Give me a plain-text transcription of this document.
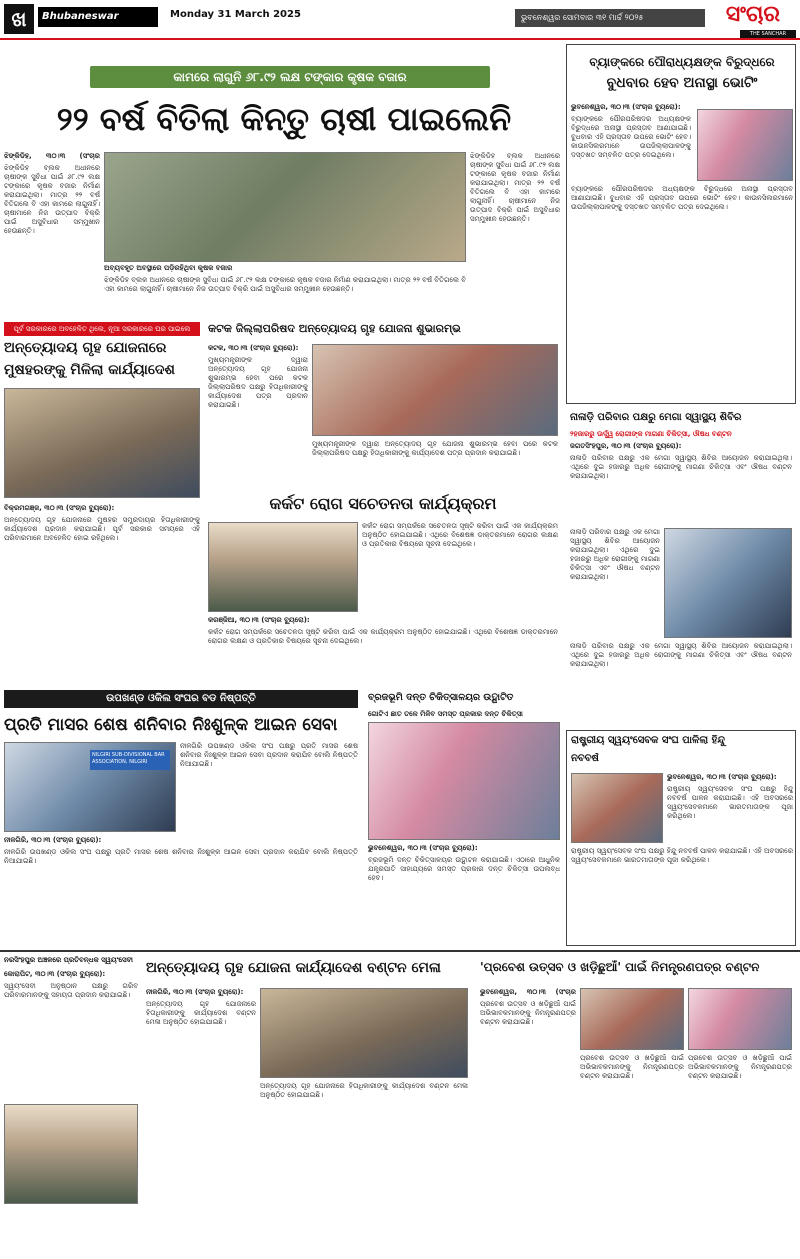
ଖ	Bhubaneswar	Monday 31 March 2025	ଭୁବନେଶ୍ୱର ସୋମବାର ୩୧ ମାର୍ଚ୍ଚ ୨୦୨୫	ସଂଚାର
THE SANCHAR
କାମରେ ଲାଗୁନି ୬୮.୯୨ ଲକ୍ଷ ଟଙ୍କାର କୃଷକ ବଜାର
୨୨ ବର୍ଷ ବିତିଲା କିନ୍ତୁ ଚାଷୀ ପାଇଲେନି
ଝିଙ୍କିଡିହ, ୩୦।୩ (ସଂଚାର
ଝିଙ୍କିଡିହ ବ୍ଲକ ଅଧୀନରେ ଚାଷୀଙ୍କ ସୁବିଧା ପାଇଁ ୬୮.୯୨ ଲକ୍ଷ ଟଙ୍କାରେ କୃଷକ ବଜାର ନିର୍ମାଣ କରାଯାଇଥିଲା। ମାତ୍ର ୨୨ ବର୍ଷ ବିତିଗଲେ ବି ଏହା କାମରେ ଲାଗୁନାହିଁ। ଚାଷୀମାନେ ନିଜ ଉତ୍ପାଦ ବିକ୍ରି ପାଇଁ ଅସୁବିଧାର ସମ୍ମୁଖୀନ ହେଉଛନ୍ତି।
ଅବ୍ୟବହୃତ ଅବସ୍ଥାରେ ପଡ଼ିରହିଥିବା କୃଷକ ବଜାର
ଝିଙ୍କିଡିହ ବ୍ଲକ ଅଧୀନରେ ଚାଷୀଙ୍କ ସୁବିଧା ପାଇଁ ୬୮.୯୨ ଲକ୍ଷ ଟଙ୍କାରେ କୃଷକ ବଜାର ନିର୍ମାଣ କରାଯାଇଥିଲା। ମାତ୍ର ୨୨ ବର୍ଷ ବିତିଗଲେ ବି ଏହା କାମରେ ଲାଗୁନାହିଁ। ଚାଷୀମାନେ ନିଜ ଉତ୍ପାଦ ବିକ୍ରି ପାଇଁ ଅସୁବିଧାର ସମ୍ମୁଖୀନ ହେଉଛନ୍ତି।
ଝିଙ୍କିଡିହ ବ୍ଲକ ଅଧୀନରେ ଚାଷୀଙ୍କ ସୁବିଧା ପାଇଁ ୬୮.୯୨ ଲକ୍ଷ ଟଙ୍କାରେ କୃଷକ ବଜାର ନିର୍ମାଣ କରାଯାଇଥିଲା। ମାତ୍ର ୨୨ ବର୍ଷ ବିତିଗଲେ ବି ଏହା କାମରେ ଲାଗୁନାହିଁ। ଚାଷୀମାନେ ନିଜ ଉତ୍ପାଦ ବିକ୍ରି ପାଇଁ ଅସୁବିଧାର ସମ୍ମୁଖୀନ ହେଉଛନ୍ତି।
ବ୍ୟାଙ୍କରେ ପୌରାଧ୍ୟକ୍ଷଙ୍କ ବିରୁଦ୍ଧରେ
ବୁଧବାର ହେବ ଅନାସ୍ଥା ଭୋଟିଂ
ଭୁବନେଶ୍ୱର, ୩୦।୩ (ସଂଚାର ବ୍ୟୁରୋ):
ବ୍ୟାଙ୍କରେ ପୌରପରିଷଦର ଅଧ୍ୟକ୍ଷଙ୍କ ବିରୁଦ୍ଧରେ ଅନାସ୍ଥା ପ୍ରସ୍ତାବ ଆଣାଯାଇଛି। ବୁଧବାର ଏହି ପ୍ରସ୍ତାବ ଉପରେ ଭୋଟିଂ ହେବ। କାଉନସିଲରମାନେ ଉପଜିଲ୍ଲାପାଳଙ୍କୁ ଦସ୍ତଖତ ସମ୍ବଳିତ ପତ୍ର ଦେଇଥିଲେ।
ବ୍ୟାଙ୍କରେ ପୌରପରିଷଦର ଅଧ୍ୟକ୍ଷଙ୍କ ବିରୁଦ୍ଧରେ ଅନାସ୍ଥା ପ୍ରସ୍ତାବ ଆଣାଯାଇଛି। ବୁଧବାର ଏହି ପ୍ରସ୍ତାବ ଉପରେ ଭୋଟିଂ ହେବ। କାଉନସିଲରମାନେ ଉପଜିଲ୍ଲାପାଳଙ୍କୁ ଦସ୍ତଖତ ସମ୍ବଳିତ ପତ୍ର ଦେଇଥିଲେ।
ପୂର୍ବ ସରକାରରେ ଅବହେଳିତ ଥିଲେ, ନୂଆ ସରକାରରେ ଘର ପାଇଲେ
ଅନ୍ତ୍ୟୋଦୟ ଗୃହ ଯୋଜନାରେ
ମୁଷହରଙ୍କୁ ମିଳିଲା କାର୍ଯ୍ୟାଦେଶ
ବିକ୍ରମଗଞ୍ଜ, ୩୦।୩ (ସଂଚାର ବ୍ୟୁରୋ):
ଅନ୍ତ୍ୟୋଦୟ ଗୃହ ଯୋଜନାରେ ମୁଷହର ସମ୍ପ୍ରଦାୟର ହିତାଧିକାରୀଙ୍କୁ କାର୍ଯ୍ୟାଦେଶ ପ୍ରଦାନ କରାଯାଇଛି। ପୂର୍ବ ସରକାର ସମୟରେ ଏହି ପରିବାରମାନେ ଅବହେଳିତ ହୋଇ ରହିଥିଲେ।
କଟକ ଜିଲ୍ଲାପରିଷଦ ଅନ୍ତ୍ୟୋଦୟ ଗୃହ ଯୋଜନା ଶୁଭାରମ୍ଭ
କଟକ, ୩୦।୩ (ସଂଚାର ବ୍ୟୁରୋ):
ମୁଖ୍ୟମନ୍ତ୍ରୀଙ୍କ ଦ୍ୱାରା ଅନ୍ତ୍ୟୋଦୟ ଗୃହ ଯୋଜନା ଶୁଭାରମ୍ଭ ହେବା ପରେ କଟକ ଜିଲ୍ଲାପରିଷଦ ପକ୍ଷରୁ ହିତାଧିକାରୀଙ୍କୁ କାର୍ଯ୍ୟାଦେଶ ପତ୍ର ପ୍ରଦାନ କରାଯାଇଛି।
ମୁଖ୍ୟମନ୍ତ୍ରୀଙ୍କ ଦ୍ୱାରା ଅନ୍ତ୍ୟୋଦୟ ଗୃହ ଯୋଜନା ଶୁଭାରମ୍ଭ ହେବା ପରେ କଟକ ଜିଲ୍ଲାପରିଷଦ ପକ୍ଷରୁ ହିତାଧିକାରୀଙ୍କୁ କାର୍ଯ୍ୟାଦେଶ ପତ୍ର ପ୍ରଦାନ କରାଯାଇଛି।
କର୍କଟ ରୋଗ ସଚେତନତା କାର୍ଯ୍ୟକ୍ରମ
କର୍କଟ ରୋଗ ସମ୍ପର୍କରେ ସଚେତନତା ସୃଷ୍ଟି କରିବା ପାଇଁ ଏକ କାର୍ଯ୍ୟକ୍ରମ ଅନୁଷ୍ଠିତ ହୋଇଯାଇଛି। ଏଥିରେ ବିଶେଷଜ୍ଞ ଡାକ୍ତରମାନେ ରୋଗର ଲକ୍ଷଣ ଓ ପ୍ରତିକାର ବିଷୟରେ ସୂଚନା ଦେଇଥିଲେ।
କରଞ୍ଜିଆ, ୩୦।୩ (ସଂଚାର ବ୍ୟୁରୋ):
କର୍କଟ ରୋଗ ସମ୍ପର୍କରେ ସଚେତନତା ସୃଷ୍ଟି କରିବା ପାଇଁ ଏକ କାର୍ଯ୍ୟକ୍ରମ ଅନୁଷ୍ଠିତ ହୋଇଯାଇଛି। ଏଥିରେ ବିଶେଷଜ୍ଞ ଡାକ୍ତରମାନେ ରୋଗର ଲକ୍ଷଣ ଓ ପ୍ରତିକାର ବିଷୟରେ ସୂଚନା ଦେଇଥିଲେ।
ନାଳାଡ଼ି ପରିବାର ପକ୍ଷରୁ ମେଗା ସ୍ୱାସ୍ଥ୍ୟ ଶିବିର
୨ହଜାରରୁ ଊର୍ଦ୍ଧ୍ୱ ରୋଗୀଙ୍କ ମାଗଣା ଚିକିତ୍ସା, ଔଷଧ ବଣ୍ଟନ
ଜଗତସିଂହପୁର, ୩୦।୩ (ସଂଚାର ବ୍ୟୁରୋ):
ନାଳାଡ଼ି ପରିବାର ପକ୍ଷରୁ ଏକ ମେଗା ସ୍ୱାସ୍ଥ୍ୟ ଶିବିର ଆୟୋଜନ କରାଯାଇଥିଲା। ଏଥିରେ ଦୁଇ ହଜାରରୁ ଅଧିକ ରୋଗୀଙ୍କୁ ମାଗଣା ଚିକିତ୍ସା ଏବଂ ଔଷଧ ବଣ୍ଟନ କରାଯାଇଥିଲା।
ନାଳାଡ଼ି ପରିବାର ପକ୍ଷରୁ ଏକ ମେଗା ସ୍ୱାସ୍ଥ୍ୟ ଶିବିର ଆୟୋଜନ କରାଯାଇଥିଲା। ଏଥିରେ ଦୁଇ ହଜାରରୁ ଅଧିକ ରୋଗୀଙ୍କୁ ମାଗଣା ଚିକିତ୍ସା ଏବଂ ଔଷଧ ବଣ୍ଟନ କରାଯାଇଥିଲା।
ନାଳାଡ଼ି ପରିବାର ପକ୍ଷରୁ ଏକ ମେଗା ସ୍ୱାସ୍ଥ୍ୟ ଶିବିର ଆୟୋଜନ କରାଯାଇଥିଲା। ଏଥିରେ ଦୁଇ ହଜାରରୁ ଅଧିକ ରୋଗୀଙ୍କୁ ମାଗଣା ଚିକିତ୍ସା ଏବଂ ଔଷଧ ବଣ୍ଟନ କରାଯାଇଥିଲା।
ଉପଖଣ୍ଡ ଓକିଲ ସଂଘର ବଡ ନିଷ୍ପତ୍ତି
ପ୍ରତି ମାସର ଶେଷ ଶନିବାର ନିଃଶୁଳ୍କ ଆଇନ ସେବା
NILGIRI SUB-DIVISIONAL BAR ASSOCIATION, NILGIRI
ନୀଳଗିରି ଉପଖଣ୍ଡ ଓକିଲ ସଂଘ ପକ୍ଷରୁ ପ୍ରତି ମାସର ଶେଷ ଶନିବାର ନିଃଶୁଳ୍କ ଆଇନ ସେବା ପ୍ରଦାନ କରାଯିବ ବୋଲି ନିଷ୍ପତ୍ତି ନିଆଯାଇଛି।
ନୀଳଗିରି, ୩୦।୩ (ସଂଚାର ବ୍ୟୁରୋ):
ନୀଳଗିରି ଉପଖଣ୍ଡ ଓକିଲ ସଂଘ ପକ୍ଷରୁ ପ୍ରତି ମାସର ଶେଷ ଶନିବାର ନିଃଶୁଳ୍କ ଆଇନ ସେବା ପ୍ରଦାନ କରାଯିବ ବୋଲି ନିଷ୍ପତ୍ତି ନିଆଯାଇଛି।
ବ୍ରଜଭୂମି ଦନ୍ତ ଚିକିତ୍ସାଳୟର ଉଦ୍ଘାଟିତ
ଗୋଟିଏ ଛାତ ତଳେ ମିଳିବ ସମସ୍ତ ପ୍ରକାର ଦନ୍ତ ଚିକିତ୍ସା
ଭୁବନେଶ୍ୱର, ୩୦।୩ (ସଂଚାର ବ୍ୟୁରୋ):
ବ୍ରଜଭୂମି ଦନ୍ତ ଚିକିତ୍ସାଳୟର ଉଦ୍ଘାଟନ କରାଯାଇଛି। ଏଠାରେ ଆଧୁନିକ ଯନ୍ତ୍ରପାତି ସାହାଯ୍ୟରେ ସମସ୍ତ ପ୍ରକାର ଦନ୍ତ ଚିକିତ୍ସା ଉପଲବ୍ଧ ହେବ।
ରାଷ୍ଟ୍ରୀୟ ସ୍ୱୟଂସେବକ ସଂଘ ପାଳିଲା ହିନ୍ଦୁ
ନବବର୍ଷ
ଭୁବନେଶ୍ୱର, ୩୦।୩ (ସଂଚାର ବ୍ୟୁରୋ):
ରାଷ୍ଟ୍ରୀୟ ସ୍ୱୟଂସେବକ ସଂଘ ପକ୍ଷରୁ ହିନ୍ଦୁ ନବବର୍ଷ ପାଳନ କରାଯାଇଛି। ଏହି ଅବସରରେ ସ୍ୱୟଂସେବକମାନେ ଭାରତମାତାଙ୍କ ପୂଜା କରିଥିଲେ।
ରାଷ୍ଟ୍ରୀୟ ସ୍ୱୟଂସେବକ ସଂଘ ପକ୍ଷରୁ ହିନ୍ଦୁ ନବବର୍ଷ ପାଳନ କରାଯାଇଛି। ଏହି ଅବସରରେ ସ୍ୱୟଂସେବକମାନେ ଭାରତମାତାଙ୍କ ପୂଜା କରିଥିଲେ।
ନରସିଂହପୁର ଅଞ୍ଚଳରେ ପ୍ରତିବନ୍ଧକ ସ୍ୱୟଂସେବୀ
କୋରାପିଟ, ୩୦।୩ (ସଂଚାର ବ୍ୟୁରୋ):
ସ୍ୱୟଂସେବୀ ଅନୁଷ୍ଠାନ ପକ୍ଷରୁ ଗରିବ ପରିବାରମାନଙ୍କୁ ସହାୟତା ପ୍ରଦାନ କରାଯାଇଛି।
ଅନ୍ତ୍ୟୋଦୟ ଗୃହ ଯୋଜନା କାର୍ଯ୍ୟାଦେଶ ବଣ୍ଟନ ମେଳା
ନୀଳଗିରି, ୩୦।୩ (ସଂଚାର ବ୍ୟୁରୋ):
ଅନ୍ତ୍ୟୋଦୟ ଗୃହ ଯୋଜନାରେ ହିତାଧିକାରୀଙ୍କୁ କାର୍ଯ୍ୟାଦେଶ ବଣ୍ଟନ ମେଳା ଅନୁଷ୍ଠିତ ହୋଇଯାଇଛି।
ଅନ୍ତ୍ୟୋଦୟ ଗୃହ ଯୋଜନାରେ ହିତାଧିକାରୀଙ୍କୁ କାର୍ଯ୍ୟାଦେଶ ବଣ୍ଟନ ମେଳା ଅନୁଷ୍ଠିତ ହୋଇଯାଇଛି।
'ପ୍ରବେଶ ଉତ୍ସବ ଓ ଖଡ଼ିଛୁଆଁ' ପାଇଁ ନିମନ୍ତ୍ରଣପତ୍ର ବଣ୍ଟନ
ଭୁବନେଶ୍ୱର, ୩୦।୩ (ସଂଚାର
ପ୍ରବେଶ ଉତ୍ସବ ଓ ଖଡ଼ିଛୁଆଁ ପାଇଁ ଅଭିଭାବକମାନଙ୍କୁ ନିମନ୍ତ୍ରଣପତ୍ର ବଣ୍ଟନ କରାଯାଇଛି।
ପ୍ରବେଶ ଉତ୍ସବ ଓ ଖଡ଼ିଛୁଆଁ ପାଇଁ ଅଭିଭାବକମାନଙ୍କୁ ନିମନ୍ତ୍ରଣପତ୍ର ବଣ୍ଟନ କରାଯାଇଛି।
ପ୍ରବେଶ ଉତ୍ସବ ଓ ଖଡ଼ିଛୁଆଁ ପାଇଁ ଅଭିଭାବକମାନଙ୍କୁ ନିମନ୍ତ୍ରଣପତ୍ର ବଣ୍ଟନ କରାଯାଇଛି।
